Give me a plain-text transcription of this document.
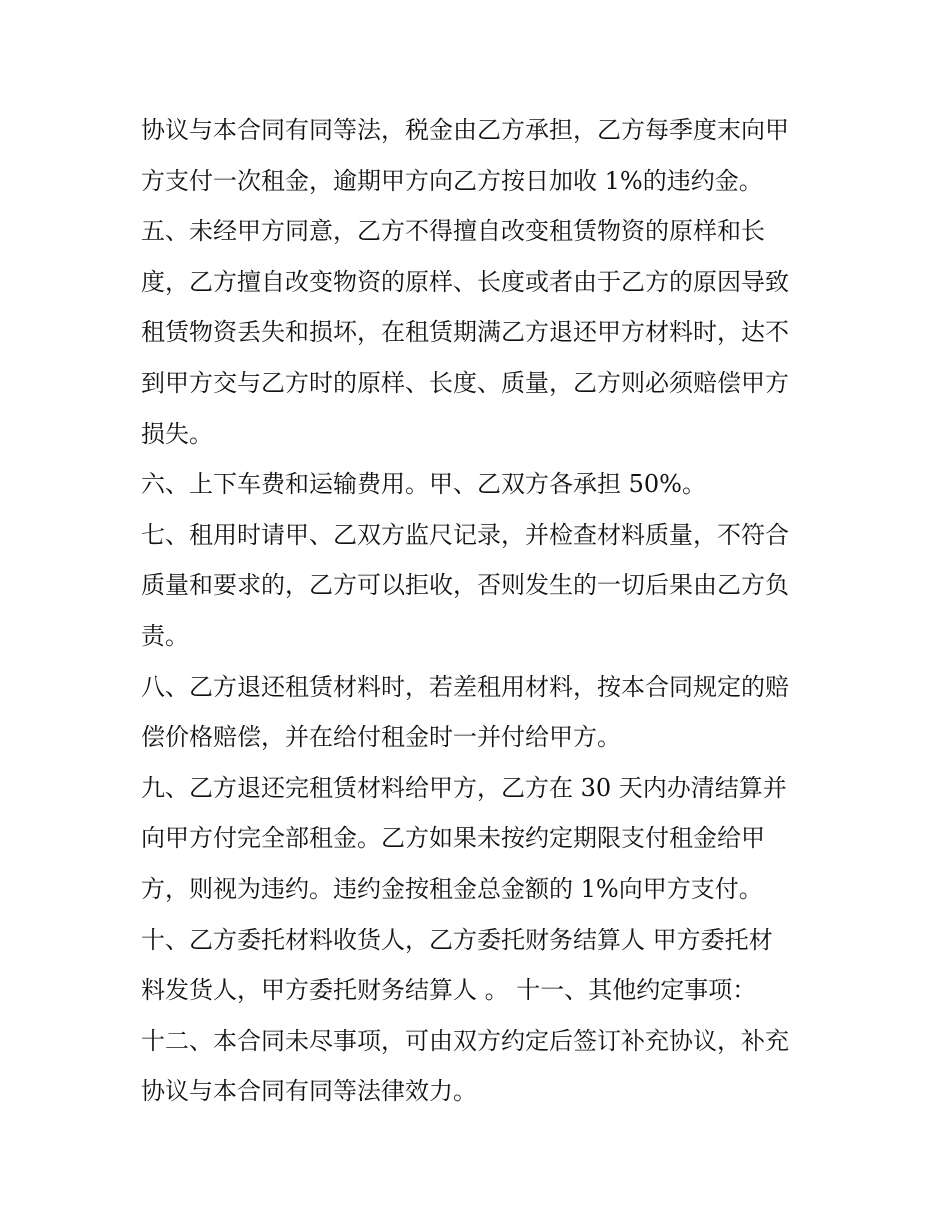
协议与本合同有同等法，税金由乙方承担，乙方每季度末向甲
方支付一次租金，逾期甲方向乙方按日加收 1%的违约金。
五、未经甲方同意，乙方不得擅自改变租赁物资的原样和长
度，乙方擅自改变物资的原样、长度或者由于乙方的原因导致
租赁物资丢失和损坏，在租赁期满乙方退还甲方材料时，达不
到甲方交与乙方时的原样、长度、质量，乙方则必须赔偿甲方
损失。
六、上下车费和运输费用。甲、乙双方各承担 50%。
七、租用时请甲、乙双方监尺记录，并检查材料质量，不符合
质量和要求的，乙方可以拒收，否则发生的一切后果由乙方负
责。
八、乙方退还租赁材料时，若差租用材料，按本合同规定的赔
偿价格赔偿，并在给付租金时一并付给甲方。
九、乙方退还完租赁材料给甲方，乙方在 30 天内办清结算并
向甲方付完全部租金。乙方如果未按约定期限支付租金给甲
方，则视为违约。违约金按租金总金额的 1%向甲方支付。
十、乙方委托材料收货人，乙方委托财务结算人 甲方委托材
料发货人，甲方委托财务结算人 。 十一、其他约定事项：
十二、本合同未尽事项，可由双方约定后签订补充协议，补充
协议与本合同有同等法律效力。
